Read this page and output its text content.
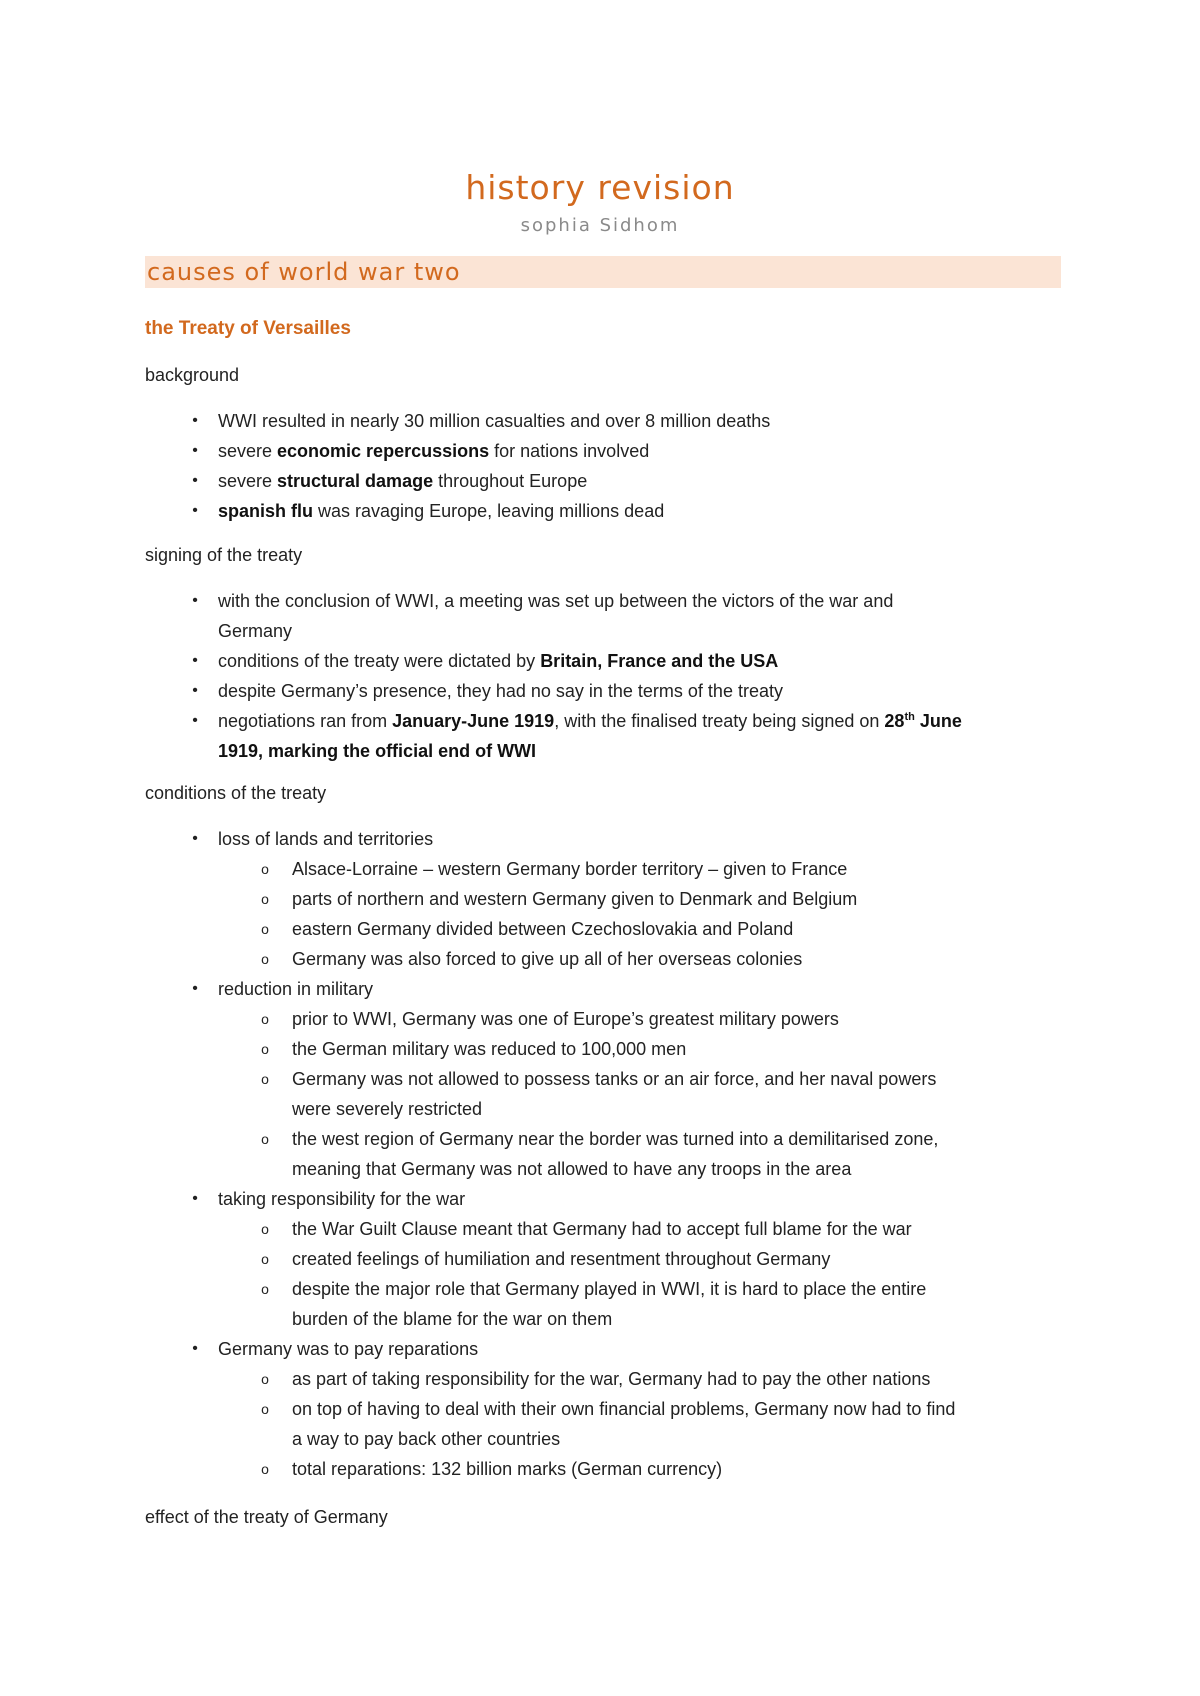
history revision
sophia Sidhom
causes of world war two
the Treaty of Versailles
background
•	WWI resulted in nearly 30 million casualties and over 8 million deaths
•	severe economic repercussions for nations involved
•	severe structural damage throughout Europe
•	spanish flu was ravaging Europe, leaving millions dead
signing of the treaty
•	with the conclusion of WWI, a meeting was set up between the victors of the war and
Germany
•	conditions of the treaty were dictated by Britain, France and the USA
•	despite Germany’s presence, they had no say in the terms of the treaty
•	negotiations ran from January-June 1919, with the finalised treaty being signed on 28th June
1919, marking the official end of WWI
conditions of the treaty
•	loss of lands and territories
o	Alsace-Lorraine – western Germany border territory – given to France
o	parts of northern and western Germany given to Denmark and Belgium
o	eastern Germany divided between Czechoslovakia and Poland
o	Germany was also forced to give up all of her overseas colonies
•	reduction in military
o	prior to WWI, Germany was one of Europe’s greatest military powers
o	the German military was reduced to 100,000 men
o	Germany was not allowed to possess tanks or an air force, and her naval powers
were severely restricted
o	the west region of Germany near the border was turned into a demilitarised zone,
meaning that Germany was not allowed to have any troops in the area
•	taking responsibility for the war
o	the War Guilt Clause meant that Germany had to accept full blame for the war
o	created feelings of humiliation and resentment throughout Germany
o	despite the major role that Germany played in WWI, it is hard to place the entire
burden of the blame for the war on them
•	Germany was to pay reparations
o	as part of taking responsibility for the war, Germany had to pay the other nations
o	on top of having to deal with their own financial problems, Germany now had to find
a way to pay back other countries
o	total reparations: 132 billion marks (German currency)
effect of the treaty of Germany
